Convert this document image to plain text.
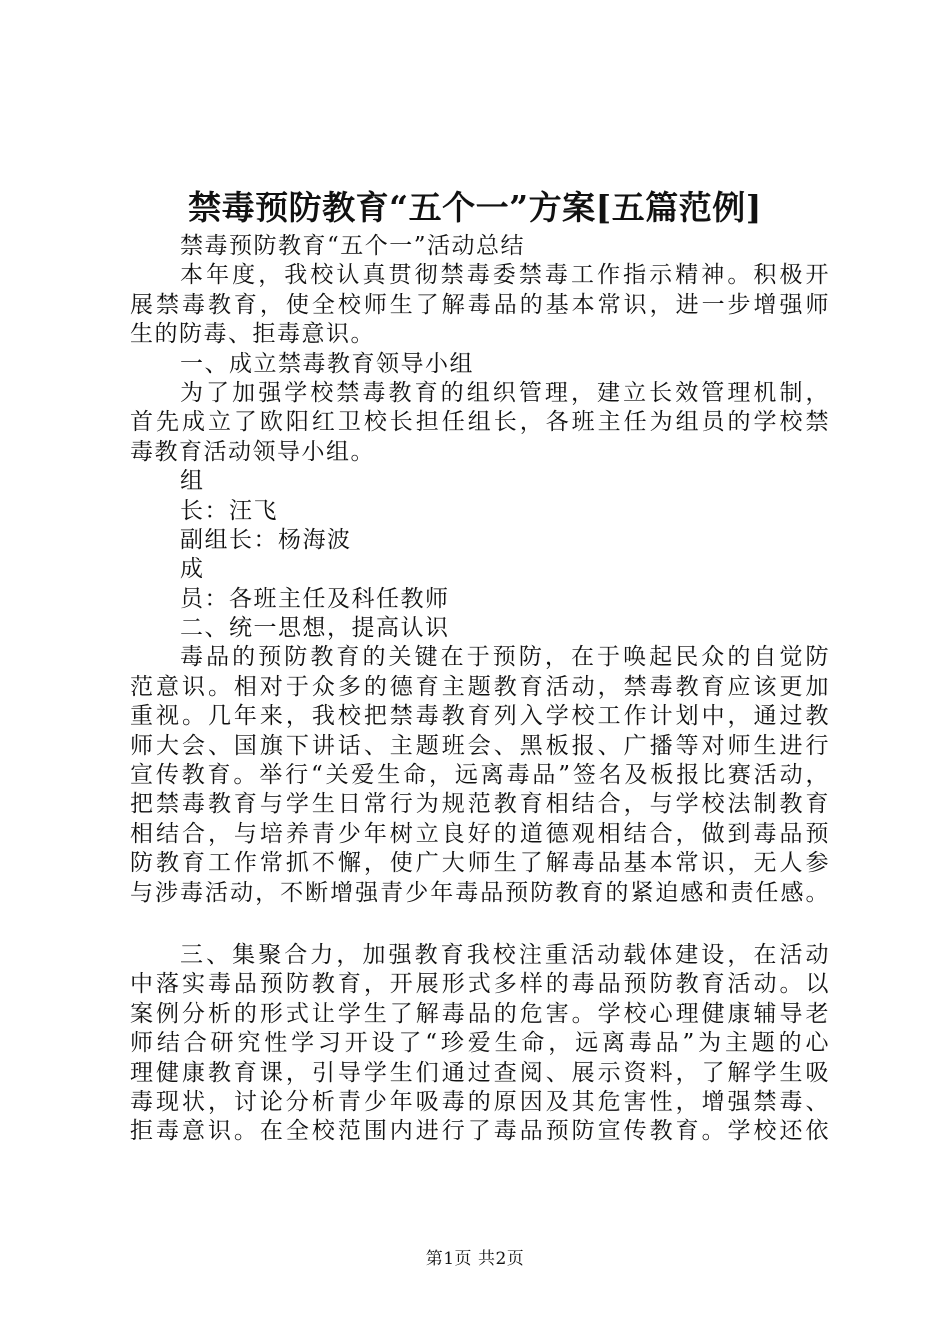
禁毒预防教育“五个一”方案[五篇范例]
禁毒预防教育“五个一”活动总结
本年度，我校认真贯彻禁毒委禁毒工作指示精神。积极开
展禁毒教育，使全校师生了解毒品的基本常识，进一步增强师
生的防毒、拒毒意识。
一、成立禁毒教育领导小组
为了加强学校禁毒教育的组织管理，建立长效管理机制，
首先成立了欧阳红卫校长担任组长，各班主任为组员的学校禁
毒教育活动领导小组。
组
长：汪飞
副组长：杨海波
成
员：各班主任及科任教师
二、统一思想，提高认识
毒品的预防教育的关键在于预防，在于唤起民众的自觉防
范意识。相对于众多的德育主题教育活动，禁毒教育应该更加
重视。几年来，我校把禁毒教育列入学校工作计划中，通过教
师大会、国旗下讲话、主题班会、黑板报、广播等对师生进行
宣传教育。举行“关爱生命，远离毒品”签名及板报比赛活动，
把禁毒教育与学生日常行为规范教育相结合，与学校法制教育
相结合，与培养青少年树立良好的道德观相结合，做到毒品预
防教育工作常抓不懈，使广大师生了解毒品基本常识，无人参
与涉毒活动，不断增强青少年毒品预防教育的紧迫感和责任感。
三、集聚合力，加强教育我校注重活动载体建设，在活动
中落实毒品预防教育，开展形式多样的毒品预防教育活动。以
案例分析的形式让学生了解毒品的危害。学校心理健康辅导老
师结合研究性学习开设了“珍爱生命，远离毒品”为主题的心
理健康教育课，引导学生们通过查阅、展示资料，了解学生吸
毒现状，讨论分析青少年吸毒的原因及其危害性，增强禁毒、
拒毒意识。在全校范围内进行了毒品预防宣传教育。学校还依
第1页 共2页
